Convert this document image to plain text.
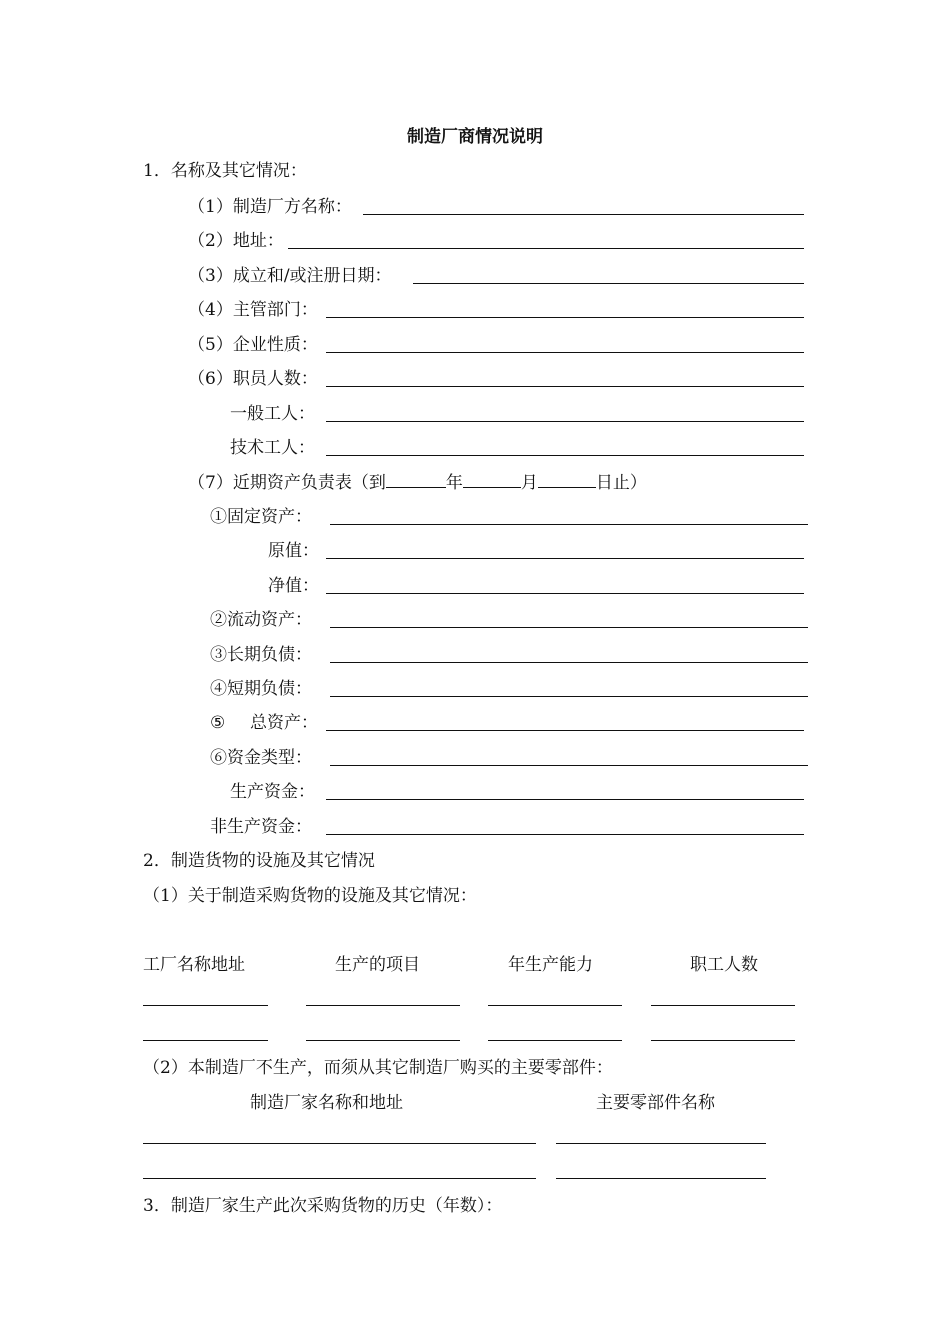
制造厂商情况说明
1．名称及其它情况：
（1）制造厂方名称：
（2）地址：
（3）成立和/或注册日期：
（4）主管部门：
（5）企业性质：
（6）职员人数：
一般工人：
技术工人：
（7）近期资产负责表（到	年	月	日止）
①固定资产：
原值：
净值：
②流动资产：
③长期负债：
④短期负债：
⑤ 总资产：
⑥资金类型：
生产资金：
非生产资金：
2．制造货物的设施及其它情况
（1）关于制造采购货物的设施及其它情况：
工厂名称地址	生产的项目	年生产能力	职工人数
（2）本制造厂不生产，而须从其它制造厂购买的主要零部件：
制造厂家名称和地址	主要零部件名称
3．制造厂家生产此次采购货物的历史（年数）：
